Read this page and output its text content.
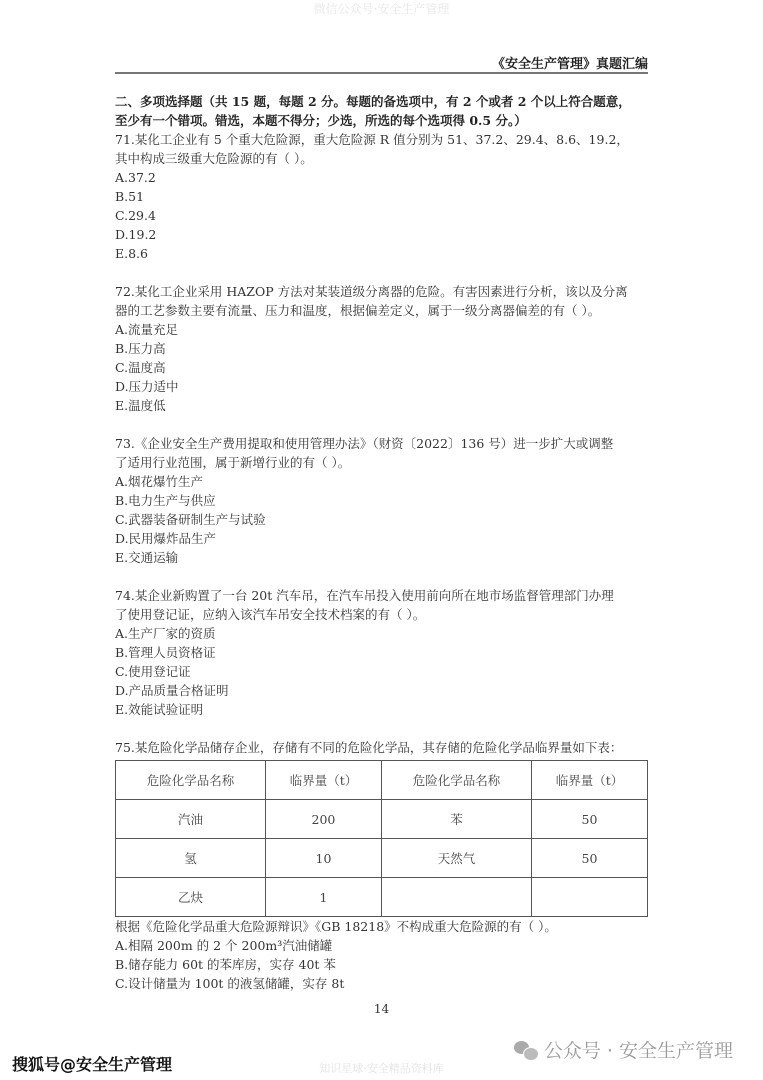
微信公众号·安全生产管理
《安全生产管理》真题汇编
二、多项选择题（共 15 题，每题 2 分。每题的备选项中，有 2 个或者 2 个以上符合题意，
至少有一个错项。错选，本题不得分；少选，所选的每个选项得 0.5 分。）
71.某化工企业有 5 个重大危险源，重大危险源 R 值分别为 51、37.2、29.4、8.6、19.2，
其中构成三级重大危险源的有（ ）。
A.37.2
B.51
C.29.4
D.19.2
E.8.6
72.某化工企业采用 HAZOP 方法对某装道级分离器的危险。有害因素进行分析，该以及分离
器的工艺参数主要有流量、压力和温度，根据偏差定义，属于一级分离器偏差的有（ ）。
A.流量充足
B.压力高
C.温度高
D.压力适中
E.温度低
73.《企业安全生产费用提取和使用管理办法》（财资〔2022〕136 号）进一步扩大或调整
了适用行业范围，属于新增行业的有（ ）。
A.烟花爆竹生产
B.电力生产与供应
C.武器装备研制生产与试验
D.民用爆炸品生产
E.交通运输
74.某企业新购置了一台 20t 汽车吊，在汽车吊投入使用前向所在地市场监督管理部门办理
了使用登记证，应纳入该汽车吊安全技术档案的有（ ）。
A.生产厂家的资质
B.管理人员资格证
C.使用登记证
D.产品质量合格证明
E.效能试验证明
75.某危险化学品储存企业，存储有不同的危险化学品，其存储的危险化学品临界量如下表：
危险化学品名称	临界量（t）	危险化学品名称	临界量（t）
汽油	200	苯	50
氢	10	天然气	50
乙炔	1		
根据《危险化学品重大危险源辩识》《GB 18218》不构成重大危险源的有（ ）。
A.相隔 200m 的 2 个 200m³汽油储罐
B.储存能力 60t 的苯库房，实存 40t 苯
C.设计储量为 100t 的液氢储罐，实存 8t
14
公众号 · 安全生产管理
搜狐号@安全生产管理	知识星球·安全精品资料库
